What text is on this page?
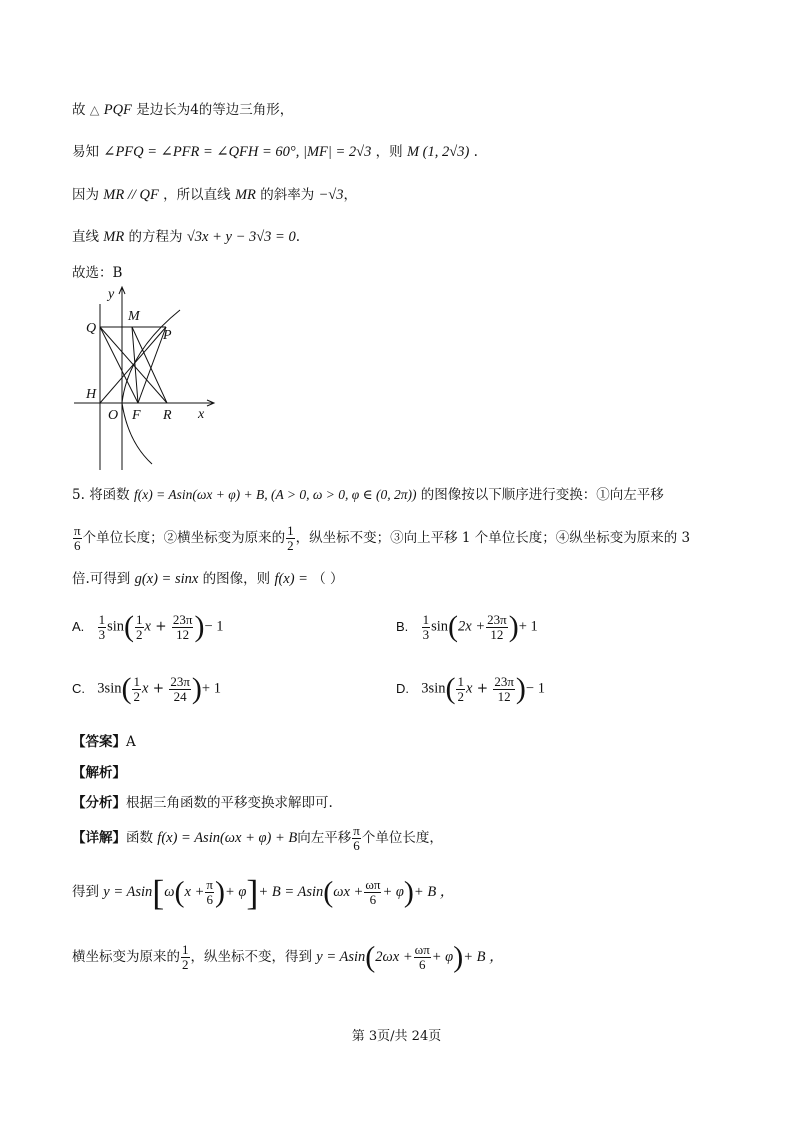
故 △ PQF 是边长为4的等边三角形，
易知 ∠PFQ = ∠PFR = ∠QFH = 60°, |MF| = 2√3 ，则 M (1, 2√3) .
因为 MR // QF ，所以直线 MR 的斜率为 −√3，
直线 MR 的方程为 √3x + y − 3√3 = 0.
故选：B
y
x
Q
M
P
H
O F R
5. 将函数 f(x) = Asin(ωx + φ) + B, (A > 0, ω > 0, φ ∈ (0, 2π)) 的图像按以下顺序进行变换：①向左平移
$\frac{\pi}{6}$ 个单位长度；②横坐标变为原来的 $\frac{1}{2}$ ，纵坐标不变；③向上平移 1 个单位长度；④纵坐标变为原来的 3
倍.可得到 g(x) = sinx 的图像，则 f(x) = （ ）
A. $\frac{1}{3} \sin( \frac{1}{2}$ $x + \frac{23\pi}{12}$ )− 1	B. $\frac{1}{3} \sin(2x + \frac{23\pi}{12}$ )+ 1
C. $3\sin( \frac{1}{2}$ $x + \frac{23\pi}{24}$ )+ 1	D. $3\sin( \frac{1}{2}$ $x + \frac{23\pi}{12}$ )− 1
【答案】A
【解析】
【分析】根据三角函数的平移变换求解即可.
【详解】函数 f(x) = Asin(ωx + φ) + B向左平移 $\frac{\pi}{6}$ 个单位长度，
得到 $y = Asin[\omega(x + \frac{\pi}{6}$ )+ $\varphi]+ B = Asin(\omega x + \frac{\omega\pi}{6} + \varphi)+ B$ ，
横坐标变为原来的 $\frac{1}{2}$ ，纵坐标不变，得到 $y = Asin(2\omega x + \frac{\omega\pi}{6} + \varphi)+ B$ ，
第 3页/共 24页
